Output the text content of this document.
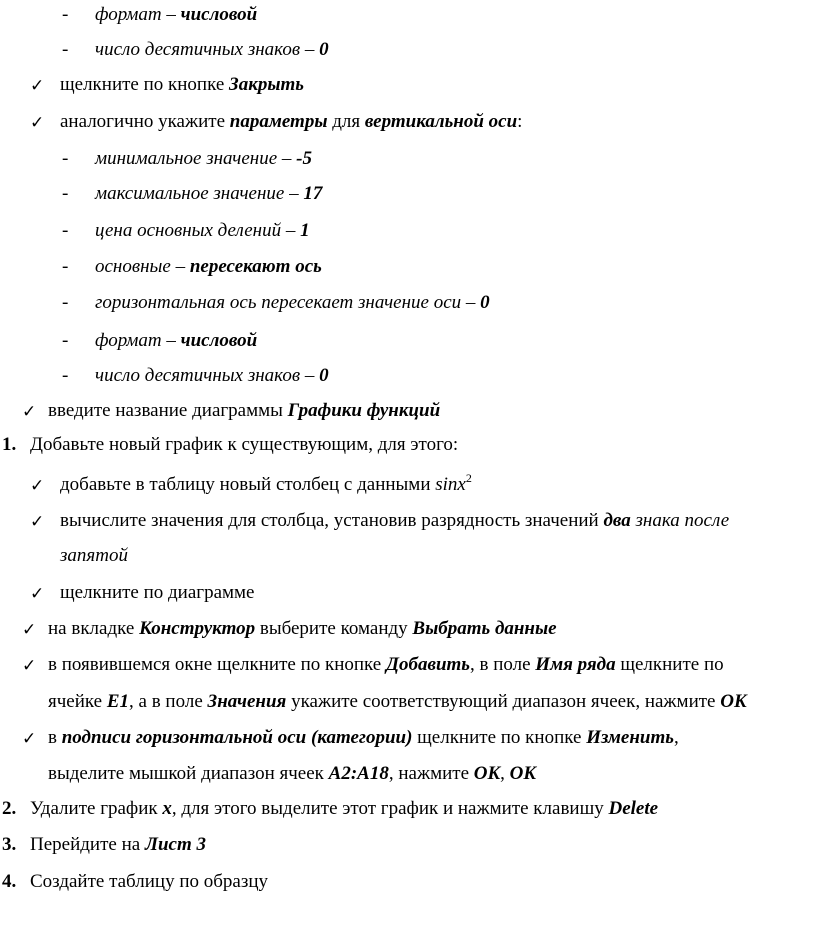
- формат – числовой
- число десятичных знаков – 0
✓ щелкните по кнопке Закрыть
✓ аналогично укажите параметры для вертикальной оси:
- минимальное значение – -5
- максимальное значение – 17
- цена основных делений – 1
- основные – пересекают ось
- горизонтальная ось пересекает значение оси – 0
- формат – числовой
- число десятичных знаков – 0
✓ введите название диаграммы Графики функций
1. Добавьте новый график к существующим, для этого:
✓ добавьте в таблицу новый столбец с данными sinx$^2$
✓ вычислите значения для столбца, установив разрядность значений два знака после
запятой
✓ щелкните по диаграмме
✓ на вкладке Конструктор выберите команду Выбрать данные
✓ в появившемся окне щелкните по кнопке Добавить, в поле Имя ряда щелкните по
ячейке E1, а в поле Значения укажите соответствующий диапазон ячеек, нажмите OK
✓ в подписи горизонтальной оси (категории) щелкните по кнопке Изменить,
выделите мышкой диапазон ячеек A2:A18, нажмите OK, OK
2. Удалите график x, для этого выделите этот график и нажмите клавишу Delete
3. Перейдите на Лист 3
4. Создайте таблицу по образцу
